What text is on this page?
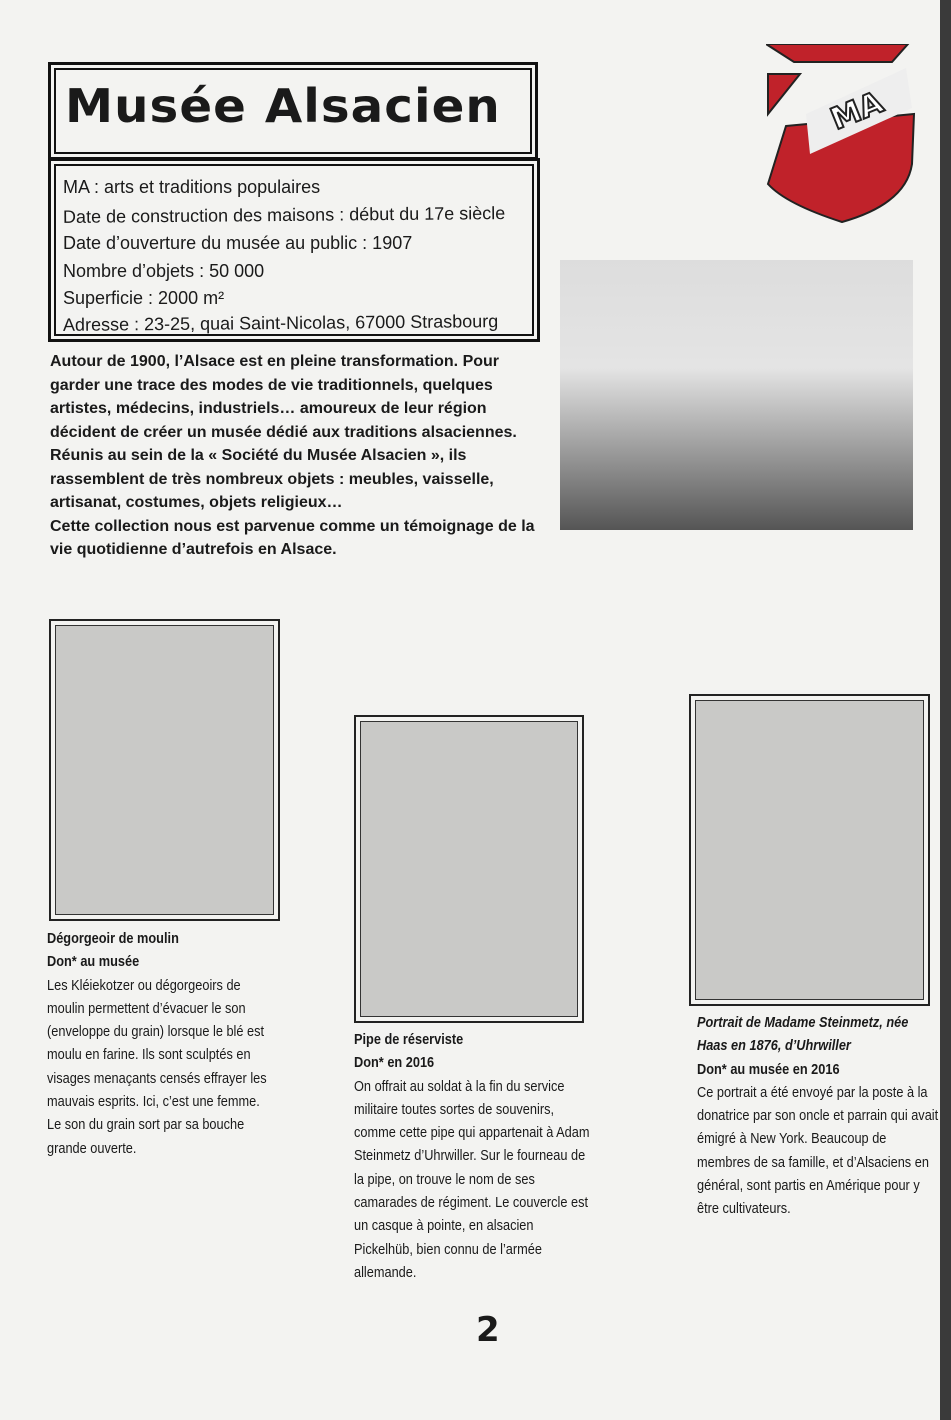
Musée Alsacien	MA
MA : arts et traditions populaires
Date de construction des maisons : début du 17e siècle
Date d’ouverture du musée au public : 1907
Nombre d’objets : 50 000
Superficie : 2000 m²
Adresse : 23-25, quai Saint-Nicolas, 67000 Strasbourg
Autour de 1900, l’Alsace est en pleine transformation. Pour garder une trace des modes de vie traditionnels, quelques artistes, médecins, industriels… amoureux de leur région décident de créer un musée dédié aux traditions alsaciennes. Réunis au sein de la « Société du Musée Alsacien », ils rassemblent de très nombreux objets : meubles, vaisselle, artisanat, costumes, objets religieux…
Cette collection nous est parvenue comme un témoignage de la vie quotidienne d’autrefois en Alsace.
Dégorgeoir de moulin
Don* au musée
Les Kléiekotzer ou dégorgeoirs de moulin permettent d’évacuer le son (enveloppe du grain) lorsque le blé est moulu en farine. Ils sont sculptés en visages menaçants censés effrayer les mauvais esprits. Ici, c’est une femme. Le son du grain sort par sa bouche grande ouverte.
Pipe de réserviste
Don* en 2016
On offrait au soldat à la fin du service militaire toutes sortes de souvenirs, comme cette pipe qui appartenait à Adam Steinmetz d’Uhrwiller. Sur le fourneau de la pipe, on trouve le nom de ses camarades de régiment. Le couvercle est un casque à pointe, en alsacien Pickelhüb, bien connu de l’armée allemande.
Portrait de Madame Steinmetz, née Haas en 1876, d’Uhrwiller
Don* au musée en 2016
Ce portrait a été envoyé par la poste à la donatrice par son oncle et parrain qui avait émigré à New York. Beaucoup de membres de sa famille, et d’Alsaciens en général, sont partis en Amérique pour y être cultivateurs.
2
